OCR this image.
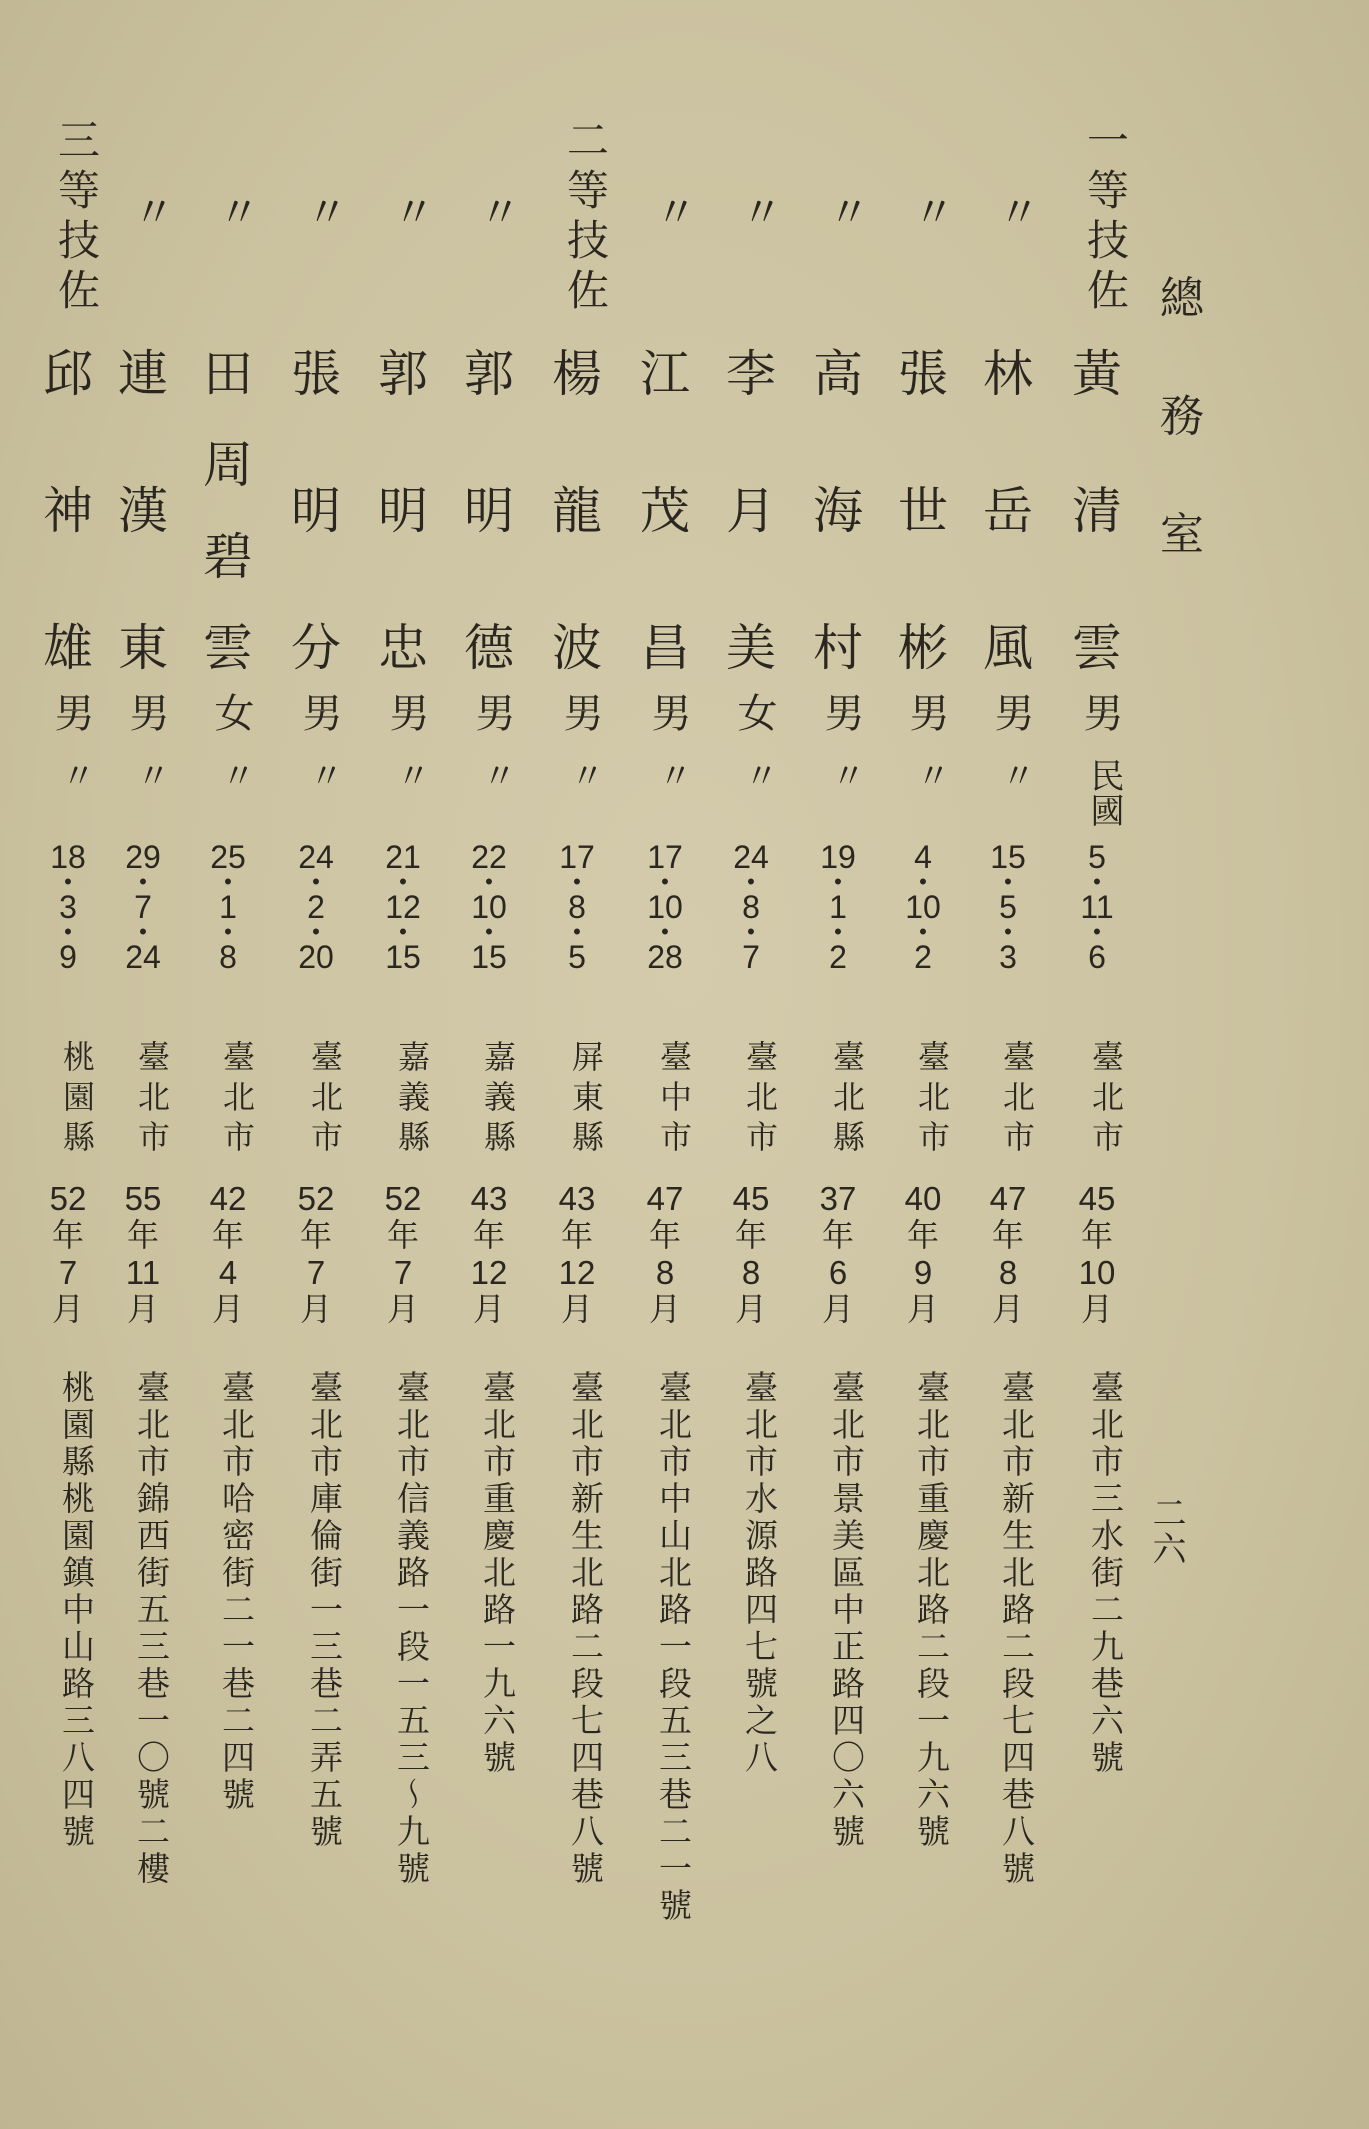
總
務
室
二六
一等技佐
黃
清
雲
男
民國
5
•
11
•
6
臺北市
45
年
10
月
臺北市三水街二九巷六號
〃
林
岳
風
男
〃
15
•
5
•
3
臺北市
47
年
8
月
臺北市新生北路二段七四巷八號
〃
張
世
彬
男
〃
4
•
10
•
2
臺北市
40
年
9
月
臺北市重慶北路二段一九六號
〃
高
海
村
男
〃
19
•
1
•
2
臺北縣
37
年
6
月
臺北市景美區中正路四〇六號
〃
李
月
美
女
〃
24
•
8
•
7
臺北市
45
年
8
月
臺北市水源路四七號之八
〃
江
茂
昌
男
〃
17
•
10
•
28
臺中市
47
年
8
月
臺北市中山北路一段五三巷二一號
二等技佐
楊
龍
波
男
〃
17
•
8
•
5
屏東縣
43
年
12
月
臺北市新生北路二段七四巷八號
〃
郭
明
德
男
〃
22
•
10
•
15
嘉義縣
43
年
12
月
臺北市重慶北路一九六號
〃
郭
明
忠
男
〃
21
•
12
•
15
嘉義縣
52
年
7
月
臺北市信義路一段一五三～九號
〃
張
明
分
男
〃
24
•
2
•
20
臺北市
52
年
7
月
臺北市庫倫街一三巷二弄五號
〃
田
周
碧
雲
女
〃
25
•
1
•
8
臺北市
42
年
4
月
臺北市哈密街二一巷二四號
〃
連
漢
東
男
〃
29
•
7
•
24
臺北市
55
年
11
月
臺北市錦西街五三巷一〇號二樓
三等技佐
邱
神
雄
男
〃
18
•
3
•
9
桃園縣
52
年
7
月
桃園縣桃園鎮中山路三八四號
